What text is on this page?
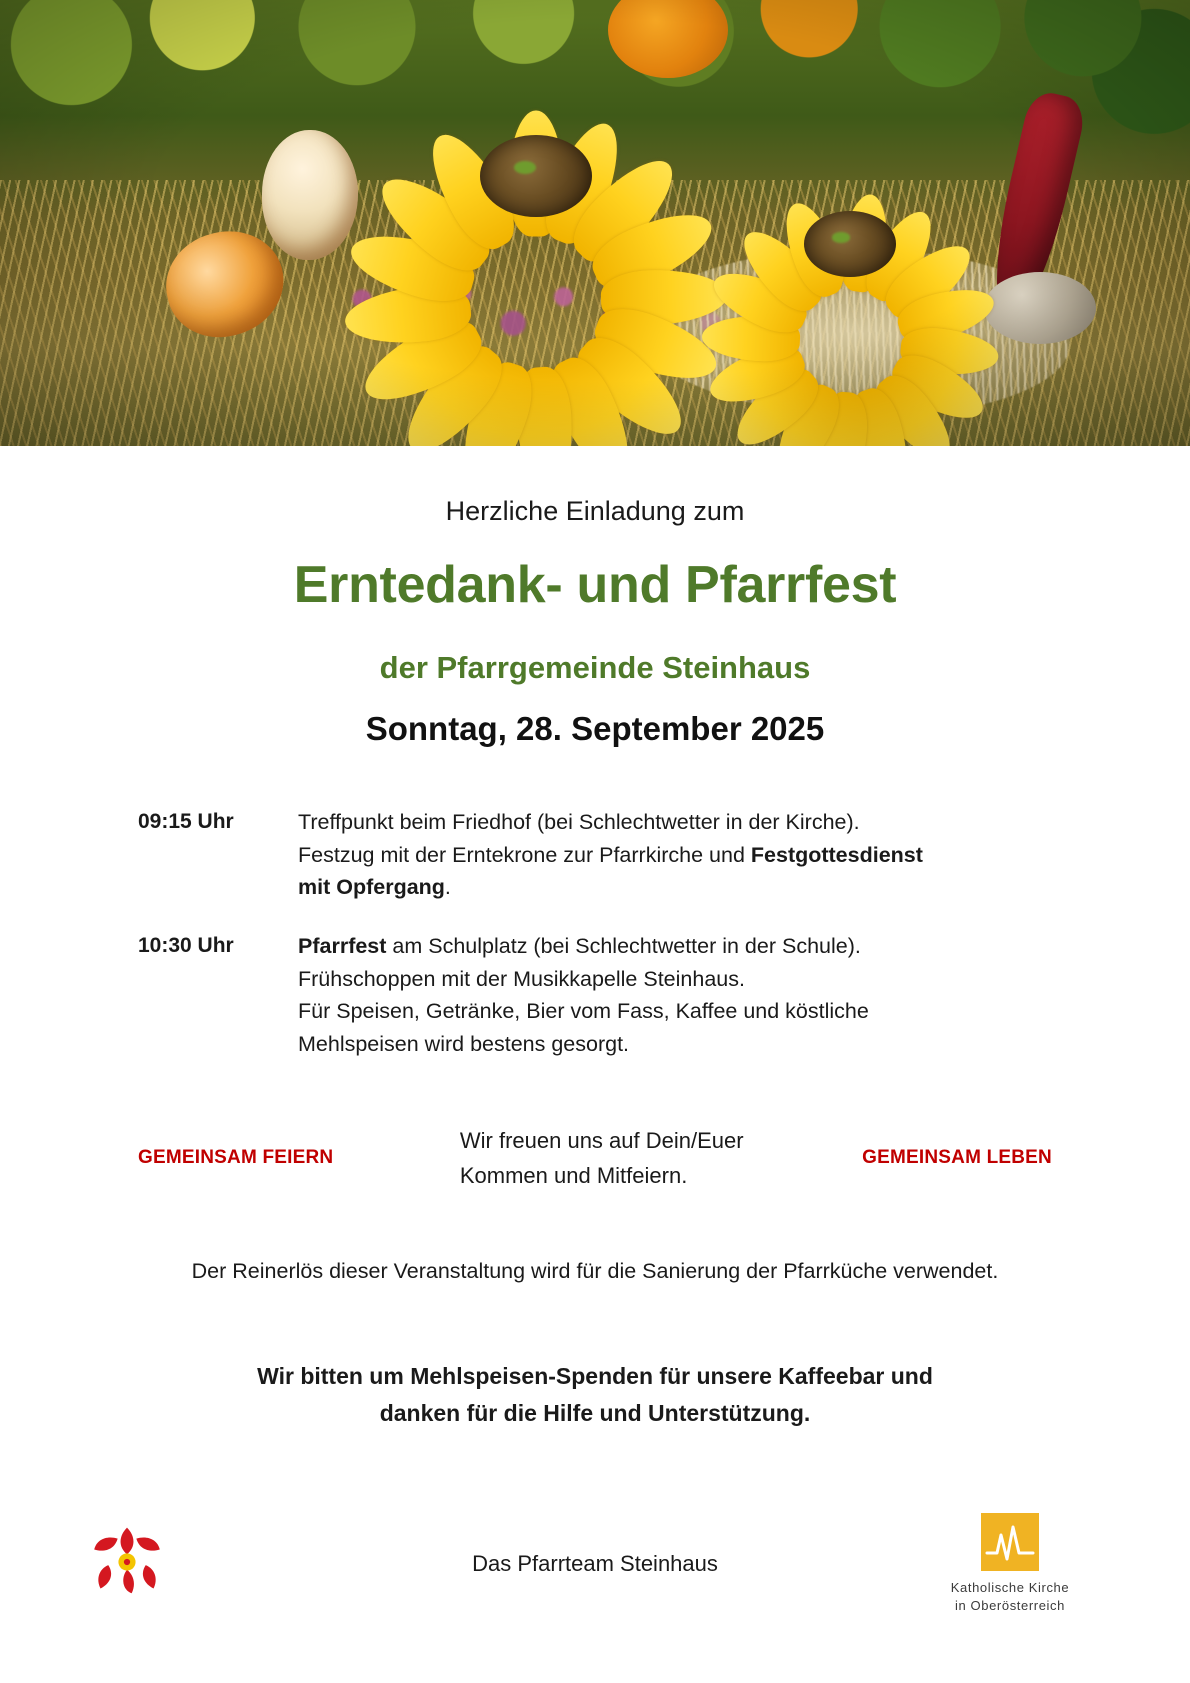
Herzliche Einladung zum
Erntedank- und Pfarrfest
der Pfarrgemeinde Steinhaus
Sonntag, 28. September 2025
09:15 Uhr	Treffpunkt beim Friedhof (bei Schlechtwetter in der Kirche).
Festzug mit der Erntekrone zur Pfarrkirche und Festgottesdienst
mit Opfergang.
10:30 Uhr	Pfarrfest am Schulplatz (bei Schlechtwetter in der Schule).
Frühschoppen mit der Musikkapelle Steinhaus.
Für Speisen, Getränke, Bier vom Fass, Kaffee und köstliche
Mehlspeisen wird bestens gesorgt.
GEMEINSAM FEIERN
Wir freuen uns auf Dein/Euer
Kommen und Mitfeiern.
GEMEINSAM LEBEN
Der Reinerlös dieser Veranstaltung wird für die Sanierung der Pfarrküche verwendet.
Wir bitten um Mehlspeisen-Spenden für unsere Kaffeebar und
danken für die Hilfe und Unterstützung.
Das Pfarrteam Steinhaus
Katholische Kirche
in Oberösterreich
